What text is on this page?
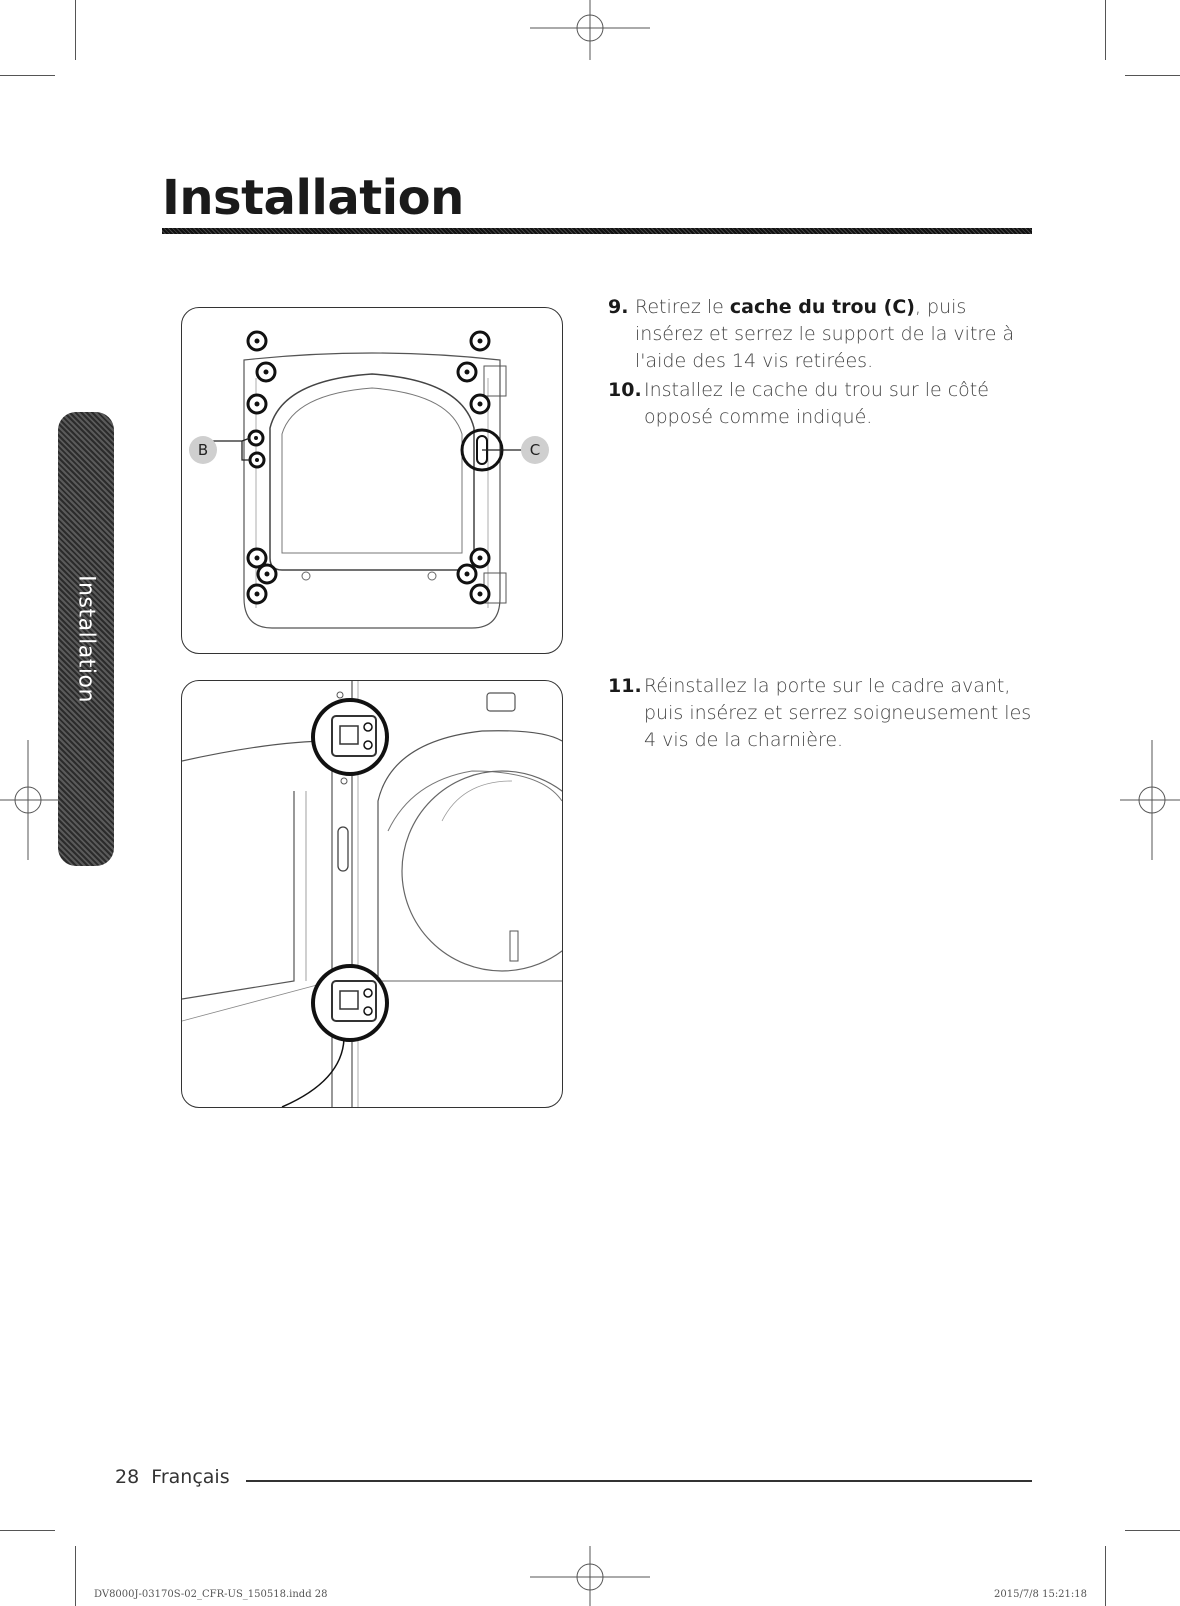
Installation
Installation
B	C
9. Retirez le cache du trou (C), puis insérez et serrez le support de la vitre à l'aide des 14 vis retirées.
10. Installez le cache du trou sur le côté opposé comme indiqué.
11. Réinstallez la porte sur le cadre avant, puis insérez et serrez soigneusement les 4 vis de la charnière.
28 Français
DV8000J-03170S-02_CFR-US_150518.indd 28	2015/7/8 15:21:18
